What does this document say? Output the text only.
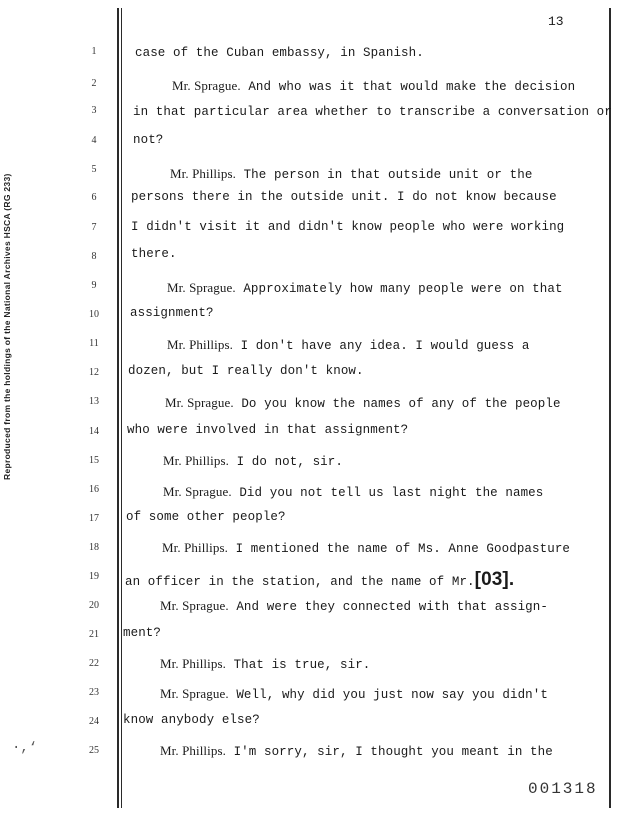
Reproduced from the holdings of the National Archives HSCA (RG 233)
13
1
2
3
4
5
6
7
8
9
10
11
12
13
14
15
16
17
18
19
20
21
22
23
24
25
case of the Cuban embassy, in Spanish.
Mr. Sprague. And who was it that would make the decision
in that particular area whether to transcribe a conversation or
not?
Mr. Phillips. The person in that outside unit or the
persons there in the outside unit. I do not know because
I didn't visit it and didn't know people who were working
there.
Mr. Sprague. Approximately how many people were on that
assignment?
Mr. Phillips. I don't have any idea. I would guess a
dozen, but I really don't know.
Mr. Sprague. Do you know the names of any of the people
who were involved in that assignment?
Mr. Phillips. I do not, sir.
Mr. Sprague. Did you not tell us last night the names
of some other people?
Mr. Phillips. I mentioned the name of Ms. Anne Goodpasture
an officer in the station, and the name of Mr.[03].
Mr. Sprague. And were they connected with that assign-
ment?
Mr. Phillips. That is true, sir.
Mr. Sprague. Well, why did you just now say you didn't
know anybody else?
Mr. Phillips. I'm sorry, sir, I thought you meant in the
001318
·,‘
